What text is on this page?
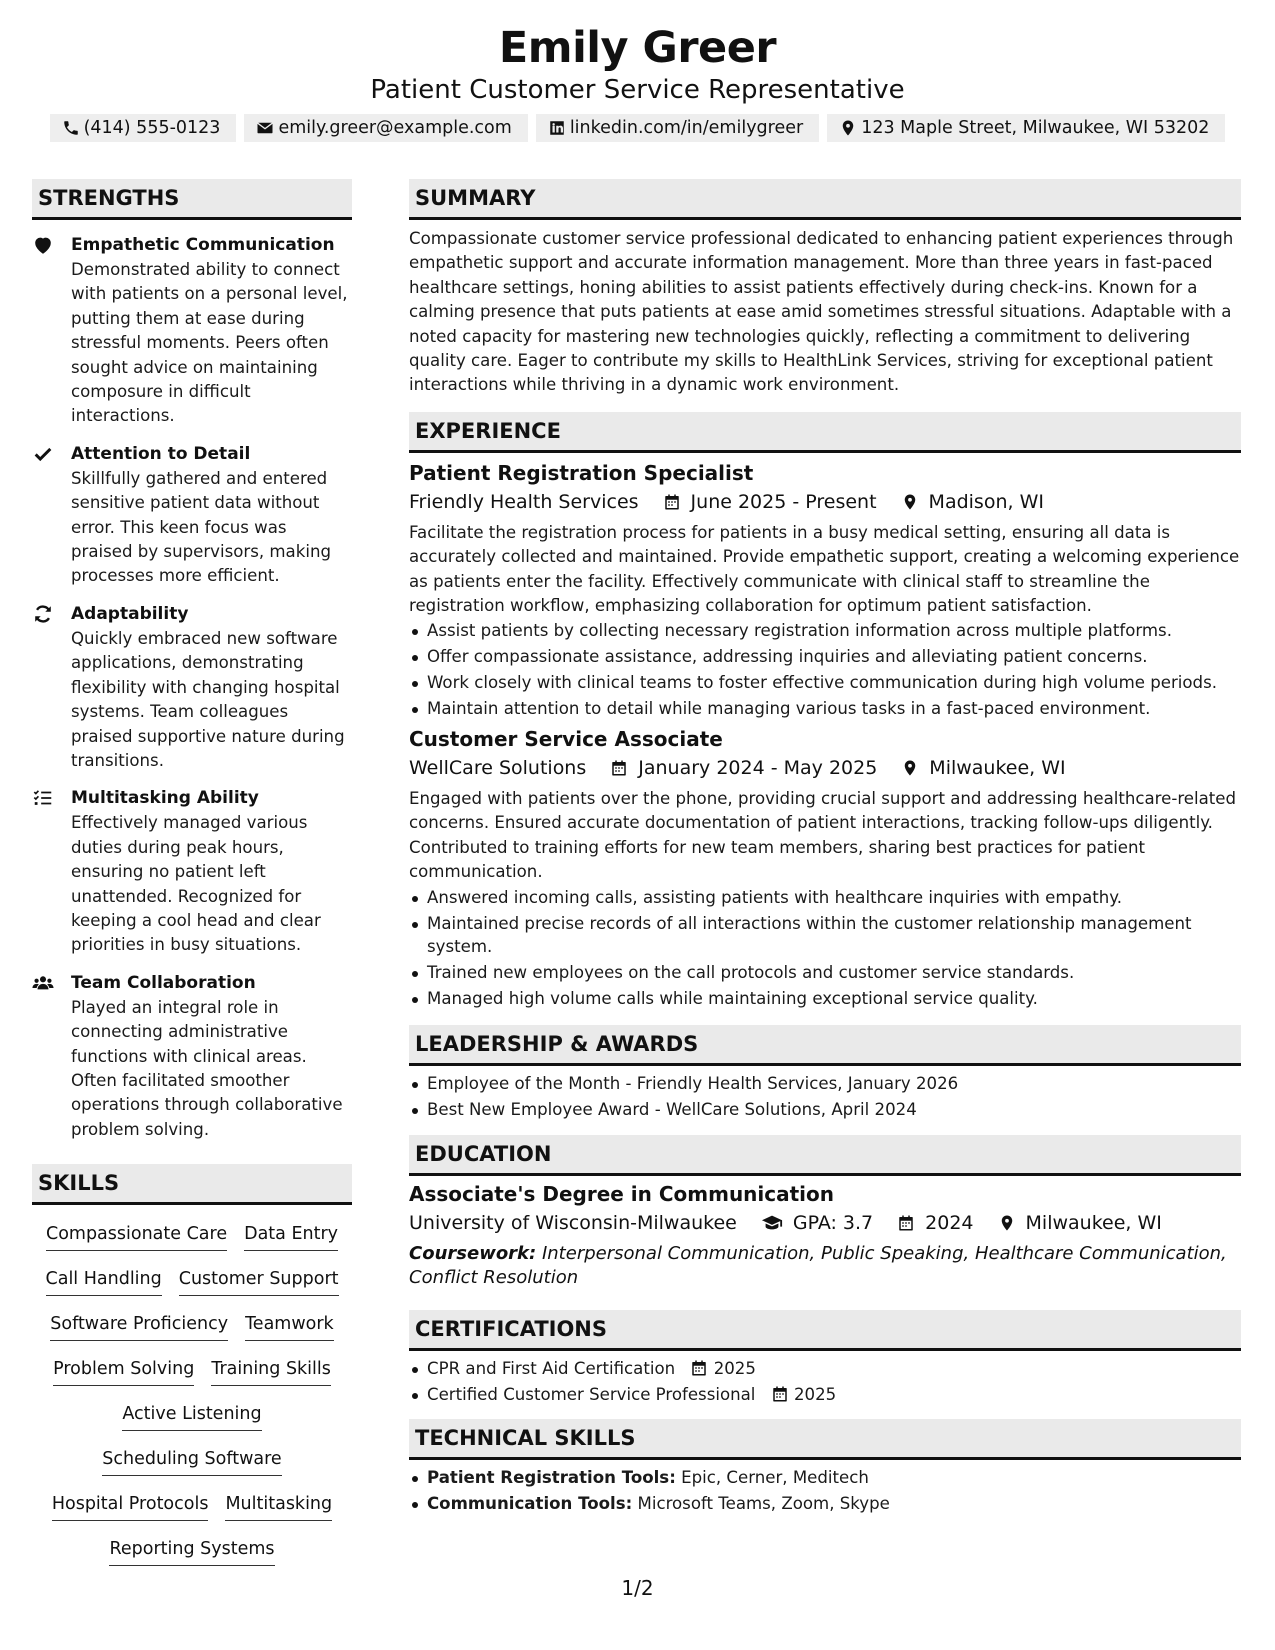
Emily Greer
Patient Customer Service Representative
(414) 555-0123	emily.greer@example.com	linkedin.com/in/emilygreer	123 Maple Street, Milwaukee, WI 53202
STRENGTHS
Empathetic Communication
Demonstrated ability to connect with patients on a personal level, putting them at ease during stressful moments. Peers often sought advice on maintaining composure in difficult interactions.
Attention to Detail
Skillfully gathered and entered sensitive patient data without error. This keen focus was praised by supervisors, making processes more efficient.
Adaptability
Quickly embraced new software applications, demonstrating flexibility with changing hospital systems. Team colleagues praised supportive nature during transitions.
Multitasking Ability
Effectively managed various duties during peak hours, ensuring no patient left unattended. Recognized for keeping a cool head and clear priorities in busy situations.
Team Collaboration
Played an integral role in connecting administrative functions with clinical areas. Often facilitated smoother operations through collaborative problem solving.
SKILLS
Compassionate Care Data Entry
Call Handling Customer Support
Software Proficiency Teamwork
Problem Solving Training Skills
Active Listening
Scheduling Software
Hospital Protocols Multitasking
Reporting Systems
SUMMARY
Compassionate customer service professional dedicated to enhancing patient experiences through empathetic support and accurate information management. More than three years in fast-paced healthcare settings, honing abilities to assist patients effectively during check-ins. Known for a calming presence that puts patients at ease amid sometimes stressful situations. Adaptable with a noted capacity for mastering new technologies quickly, reflecting a commitment to delivering quality care. Eager to contribute my skills to HealthLink Services, striving for exceptional patient interactions while thriving in a dynamic work environment.
EXPERIENCE
Patient Registration Specialist
Friendly Health Services	June 2025 - Present	Madison, WI
Facilitate the registration process for patients in a busy medical setting, ensuring all data is accurately collected and maintained. Provide empathetic support, creating a welcoming experience as patients enter the facility. Effectively communicate with clinical staff to streamline the registration workflow, emphasizing collaboration for optimum patient satisfaction.
Assist patients by collecting necessary registration information across multiple platforms.
Offer compassionate assistance, addressing inquiries and alleviating patient concerns.
Work closely with clinical teams to foster effective communication during high volume periods.
Maintain attention to detail while managing various tasks in a fast-paced environment.
Customer Service Associate
WellCare Solutions	January 2024 - May 2025	Milwaukee, WI
Engaged with patients over the phone, providing crucial support and addressing healthcare-related concerns. Ensured accurate documentation of patient interactions, tracking follow-ups diligently. Contributed to training efforts for new team members, sharing best practices for patient communication.
Answered incoming calls, assisting patients with healthcare inquiries with empathy.
Maintained precise records of all interactions within the customer relationship management system.
Trained new employees on the call protocols and customer service standards.
Managed high volume calls while maintaining exceptional service quality.
LEADERSHIP & AWARDS
Employee of the Month - Friendly Health Services, January 2026
Best New Employee Award - WellCare Solutions, April 2024
EDUCATION
Associate's Degree in Communication
University of Wisconsin-Milwaukee	GPA: 3.7	2024	Milwaukee, WI
Coursework: Interpersonal Communication, Public Speaking, Healthcare Communication, Conflict Resolution
CERTIFICATIONS
CPR and First Aid Certification 2025
Certified Customer Service Professional 2025
TECHNICAL SKILLS
Patient Registration Tools: Epic, Cerner, Meditech
Communication Tools: Microsoft Teams, Zoom, Skype
1/2
